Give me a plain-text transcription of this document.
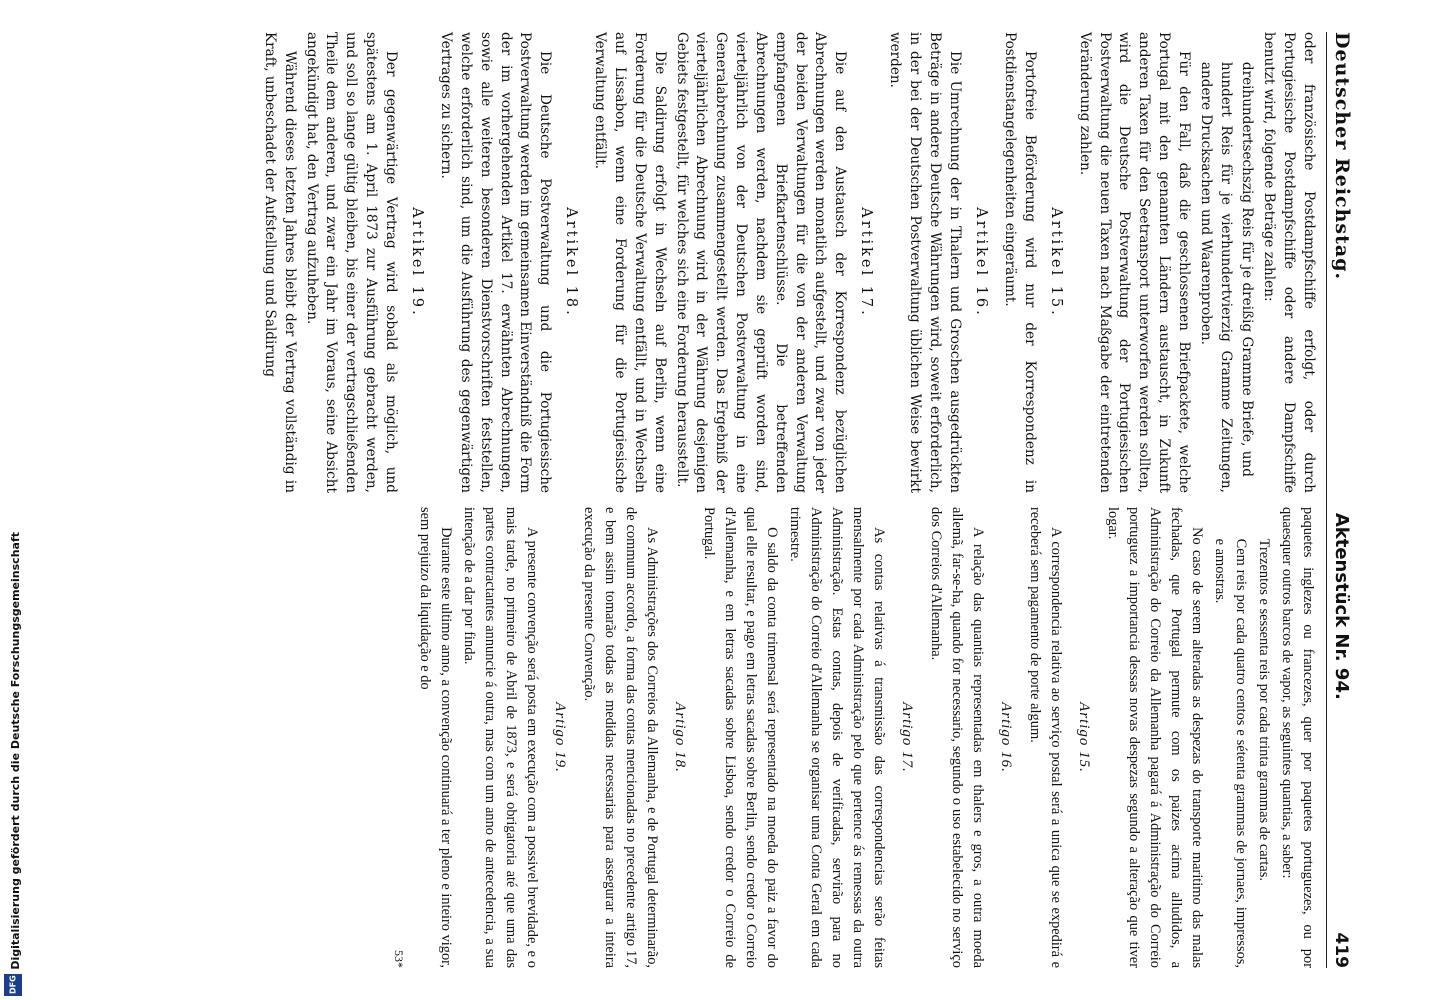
Deutscher Reichstag.
Aktenstück Nr. 94.
419

oder französische Postdampfschiffe erfolgt, oder durch Portugiesische Postdampfschiffe oder andere Dampfschiffe benutzt wird, folgende Beträge zahlen:

dreihundertsechszig Reis für je dreißig Gramme Briefe, und

hundert Reis für je vierhundertvierzig Gramme Zeitungen, andere Drucksachen und Waarenproben.

Für den Fall, daß die geschlossenen Briefpackete, welche Portugal mit den genannten Ländern austauscht, in Zukunft anderen Taxen für den Seetransport unterworfen werden sollten, wird die Deutsche Postverwaltung der Portugiesischen Postverwaltung die neuen Taxen nach Maßgabe der eintretenden Veränderung zahlen.

Artikel 15.

Portofreie Beförderung wird nur der Korrespondenz in Postdienstangelegenheiten eingeräumt.

Artikel 16.

Die Umrechnung der in Thalern und Groschen ausgedrückten Beträge in andere Deutsche Währungen wird, soweit erforderlich, in der bei der Deutschen Postverwaltung üblichen Weise bewirkt werden.

Artikel 17.

Die auf den Austausch der Korrespondenz bezüglichen Abrechnungen werden monatlich aufgestellt, und zwar von jeder der beiden Verwaltungen für die von der anderen Verwaltung empfangenen Briefkartenschlüsse. Die betreffenden Abrechnungen werden, nachdem sie geprüft worden sind, vierteljährlich von der Deutschen Postverwaltung in eine Generalabrechnung zusammengestellt werden. Das Ergebniß der vierteljährlichen Abrechnung wird in der Währung desjenigen Gebiets festgestellt, für welches sich eine Forderung herausstellt.

Die Saldirung erfolgt in Wechseln auf Berlin, wenn eine Forderung für die Deutsche Verwaltung entfällt, und in Wechseln auf Lissabon, wenn eine Forderung für die Portugiesische Verwaltung entfällt.

Artikel 18.

Die Deutsche Postverwaltung und die Portugiesische Postverwaltung werden im gemeinsamen Einverständniß die Form der im vorhergehenden Artikel 17. erwähnten Abrechnungen, sowie alle weiteren besonderen Dienstvorschriften feststellen, welche erforderlich sind, um die Ausführung des gegenwärtigen Vertrages zu sichern.

Artikel 19.

Der gegenwärtige Vertrag wird sobald als möglich, und spätestens am 1. April 1873 zur Ausführung gebracht werden, und soll so lange gültig bleiben, bis einer der vertragschließenden Theile dem anderen, und zwar ein Jahr im Voraus, seine Absicht angekündigt hat, den Vertrag aufzuheben.

Während dieses letzten Jahres bleibt der Vertrag vollständig in Kraft, unbeschadet der Aufstellung und Saldirung

paquetes inglezes ou francezes, quer por paquetes portuguezes, ou por quaesquer outros barcos de vapor, as seguintes quantias, a saber:

Trezentos e sessenta reis por cada trinta grammas de cartas.

Cem reis por cada quatro centos e sétenta grammas de jornaes, impressos, e amostras.

No caso de serem alteradas as despezas do transporte maritimo das malas fechadas, que Portugal permute com os paizes acima alludidos, a Administração do Correio da Allemanha pagará á Administração do Correio portuguez a importancia dessas novas despezas segundo a alteração que tiver logar.

Artigo 15.

A correspondencia relativa ao serviço postal será a unica que se expedirá e receberá sem pagamento de porte algum.

Artigo 16.

A relação das quantias representadas em thalers e gros, a outra moeda allemã, far-se-ha, quando for necessario, segundo o uso estabelecido no serviço dos Correios d'Allemanha.

Artigo 17.

As contas relativas á transmissão das correspondencias serão feitas mensalmente por cada Administração pelo que pertence ás remessas da outra Administração. Estas contas, depois de verificadas, servirão para no Administração do Correio d'Allemanha se organisar uma Conta Geral em cada trimestre.

O saldo da conta trimensal será representado na moeda do paiz a favor do qual elle resultar, e pago em letras sacadas sobre Berlin, sendo credor o Correio d'Allemanha, e em letras sacadas sobre Lisboa, sendo credor o Correio de Portugal.

Artigo 18.

As Administrações dos Correios da Allemanha, e de Portugal determinarão, de commum accordo, a forma das contas mencionadas no precedente artigo 17, e bem assim tomarão todas as medidas necessarias para assegurar a inteira execução da presente Convenção.

Artigo 19.

A presente convenção será posta em execução com a possivel brevidade, e o mais tarde, no primeiro de Abril de 1873, e será obrigatoria até que uma das partes contractantes annuncie á outra, mas com um anno de antecedencia, a sua intenção de a dar por finda.

Durante este ultimo anno, a convenção continuará a ter pleno e inteiro vigor, sem prejuizo da liquidação e do

53*
Digitalisierung gefördert durch die Deutsche Forschungsgemeinschaft
DFG
